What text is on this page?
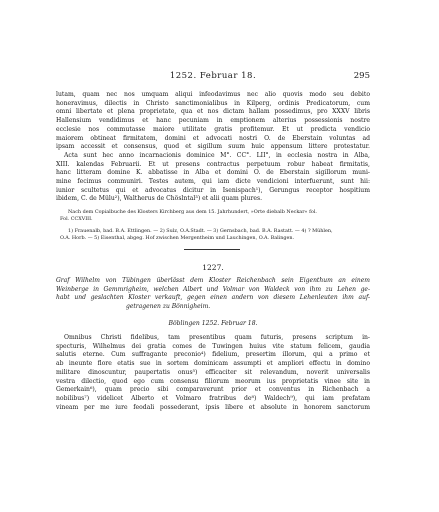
1252. Februar 18.	295
lutam, quam nec nos umquam aliqui infeodavimus nec alio quovis modo seu debito
honeravimus, dilectis in Christo sanctimonialibus in Kilperg, ordinis Predicatorum, cum
omni libertate et plena proprietate, qua et nos dictam hallam possedimus, pro XXXV libris
Hallensium vendidimus et hanc pecuniam in emptionem alterius possessionis nostre
ecclesie nos commutasse maiore utilitate gratis profitemur. Et ut predicta vendicio
maiorem obtineat firmitatem, domini et advocati nostri O. de Eberstain voluntas ad
ipsam accessit et consensus, quod et sigillum suum huic appensum littere protestatur.
Acta sunt hec anno incarnacionis dominice M°. CC°. LII°, in ecclesia nostra in Alba,
XIII. kalendas Februarii. Et ut presens contractus perpetuum robur habeat firmitatis,
hanc litteram domine K. abbatisse in Alba et domini O. de Eberstain sigillorum muni-
mine fecimus communiri. Testes autem, qui iam dicte vendicioni interfuerunt, sunt hii:
iunior scultetus qui et advocatus dicitur in Isenispach¹), Gerungus receptor hospitium
ibidem, C. de Mülu²), Waltherus de Chöslntal³) et alii quam plures.
Nach dem Copialbuche des Klosters Kirchberg aus dem 15. Jahrhundert, »Orte diebalb Neckar« fol.
Fol. CCXVIII.
1) Frauenalb, bad. B.A. Ettlingen. — 2) Sulz, O.A.Stadt. — 3) Gernsbach, bad. B.A. Rastatt. — 4) ? Mühlen,
O.A. Horb. — 5) Eisenthal, abgeg. Hof zwischen Mergentheim und Lauchingen, O.A. Balingen.
1227.
Graf Wilhelm von Tübingen überlässt dem Kloster Reichenbach sein Eigenthum an einem
Weinberge in Gemmrigheim, welchen Albert und Volmar von Waldeck von ihm zu Lehen ge-
habt und geslachten Kloster verkauft, gegen einen andern von diesem Lehenleuten ihm auf-
getragenen zu Bönnigheim.
Böblingen 1252. Februar 18.
Omnibus Christi fidelibus, tam presentibus quam futuris, presens scriptum in-
specturis, Wilhelmus dei gratia comes de Tuwingen huius vite statum felicem, gaudia
salutis eterne. Cum suffragante preconio⁴) fidelium, presertim illorum, qui a primo et
ab ineunte flore etatis sue in sortem dominicam assumpti et ampliori effectu in domino
militare dinoscuntur, paupertatis onus⁵) efficaciter sit relevandum, noverit universalis
vestra dilectio, quod ego cum consensu filiorum meorum ius proprietatis vinee site in
Gemerkain⁶), quam precio sibi comparaverunt prior et conventus in Richenbach a
nobilibus⁷) videlicet Alberto et Volmaro fratribus de⁸) Waldech⁹), qui iam prefatam
vineam per me iure feodali possederant, ipsis libere et absolute in honorem sanctorum
